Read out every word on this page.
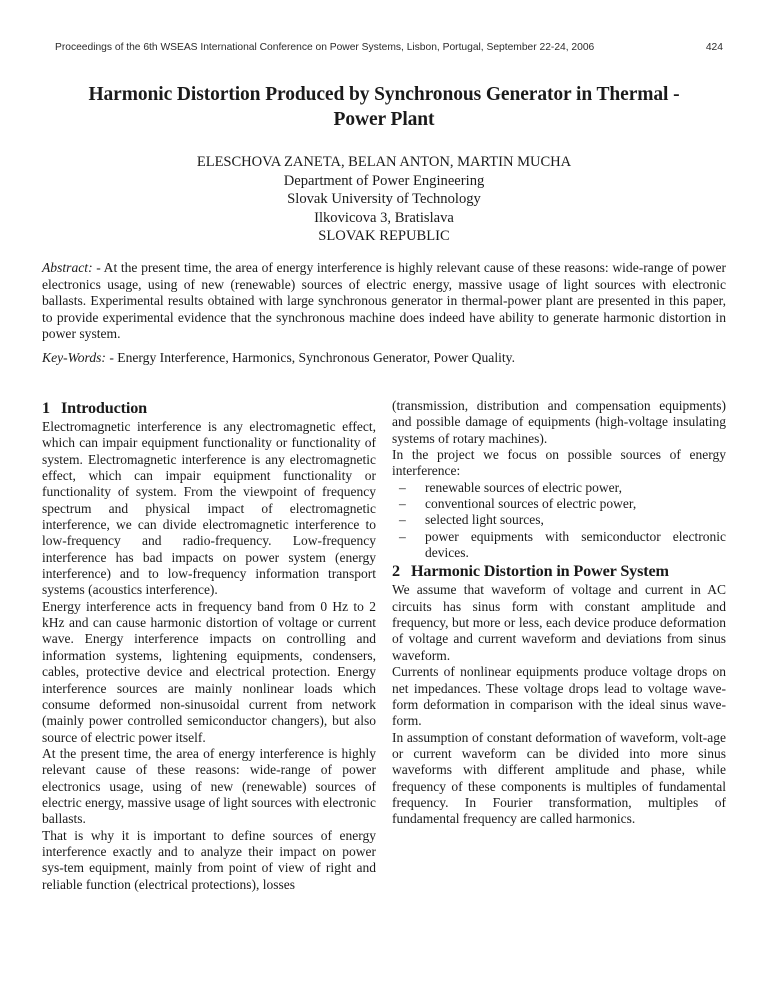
Proceedings of the 6th WSEAS International Conference on Power Systems, Lisbon, Portugal, September 22-24, 2006	424
Harmonic Distortion Produced by Synchronous Generator in Thermal - Power Plant
ELESCHOVA ZANETA, BELAN ANTON, MARTIN MUCHA
Department of Power Engineering
Slovak University of Technology
Ilkovicova 3, Bratislava
SLOVAK REPUBLIC
Abstract: - At the present time, the area of energy interference is highly relevant cause of these reasons: wide-range of power electronics usage, using of new (renewable) sources of electric energy, massive usage of light sources with electronic ballasts. Experimental results obtained with large synchronous generator in thermal-power plant are presented in this paper, to provide experimental evidence that the synchronous machine does indeed have ability to generate harmonic distortion in power system.
Key-Words: - Energy Interference, Harmonics, Synchronous Generator, Power Quality.
1 Introduction

Electromagnetic interference is any electromagnetic effect, which can impair equipment functionality or functionality of system. Electromagnetic interference is any electromagnetic effect, which can impair equipment functionality or functionality of system. From the viewpoint of frequency spectrum and physical impact of electromagnetic interference, we can divide electromagnetic interference to low-frequency and radio-frequency. Low-frequency interference has bad impacts on power system (energy interference) and to low-frequency information transport systems (acoustics interference).

Energy interference acts in frequency band from 0 Hz to 2 kHz and can cause harmonic distortion of voltage or current wave. Energy interference impacts on controlling and information systems, lightening equipments, condensers, cables, protective device and electrical protection. Energy interference sources are mainly nonlinear loads which consume deformed non-sinusoidal current from network (mainly power controlled semiconductor changers), but also source of electric power itself.

At the present time, the area of energy interference is highly relevant cause of these reasons: wide-range of power electronics usage, using of new (renewable) sources of electric energy, massive usage of light sources with electronic ballasts.

That is why it is important to define sources of energy interference exactly and to analyze their impact on power sys-tem equipment, mainly from point of view of right and reliable function (electrical protections), losses

(transmission, distribution and compensation equipments) and possible damage of equipments (high-voltage insulating systems of rotary machines).

In the project we focus on possible sources of energy interference:

– renewable sources of electric power,
– conventional sources of electric power,
– selected light sources,
– power equipments with semiconductor electronic devices.
2 Harmonic Distortion in Power System

We assume that waveform of voltage and current in AC circuits has sinus form with constant amplitude and frequency, but more or less, each device produce deformation of voltage and current waveform and deviations from sinus waveform.

Currents of nonlinear equipments produce voltage drops on net impedances. These voltage drops lead to voltage wave-form deformation in comparison with the ideal sinus wave-form.

In assumption of constant deformation of waveform, volt-age or current waveform can be divided into more sinus waveforms with different amplitude and phase, while frequency of these components is multiples of fundamental frequency. In Fourier transformation, multiples of fundamental frequency are called harmonics.
